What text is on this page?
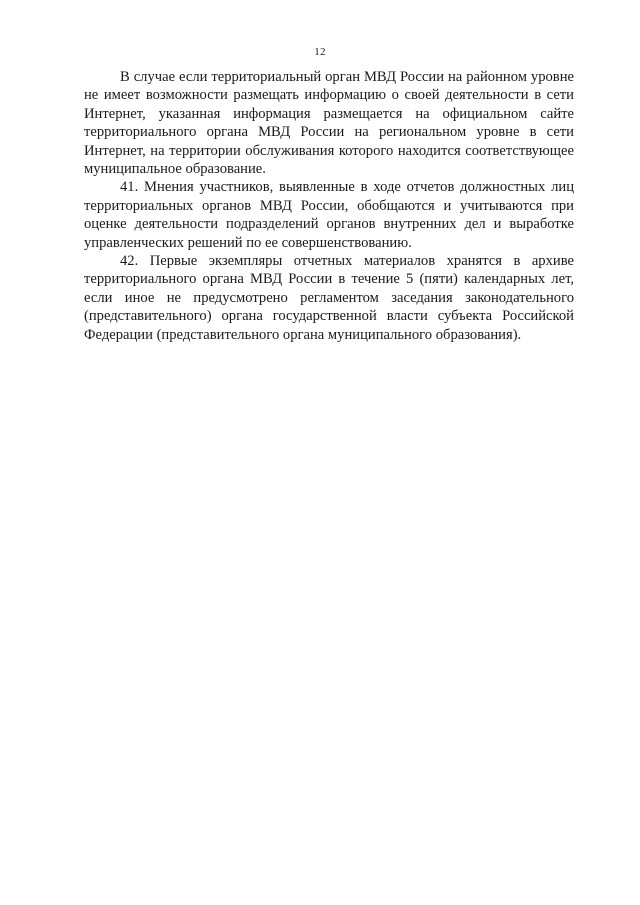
12

В случае если территориальный орган МВД России на районном уровне не имеет возможности размещать информацию о своей деятельности в сети Интернет, указанная информация размещается на официальном сайте территориального органа МВД России на региональном уровне в сети Интернет, на территории обслуживания которого находится соответствующее муниципальное образование.

41. Мнения участников, выявленные в ходе отчетов должностных лиц территориальных органов МВД России, обобщаются и учитываются при оценке деятельности подразделений органов внутренних дел и выработке управленческих решений по ее совершенствованию.

42. Первые экземпляры отчетных материалов хранятся в архиве территориального органа МВД России в течение 5 (пяти) календарных лет, если иное не предусмотрено регламентом заседания законодательного (представительного) органа государственной власти субъекта Российской Федерации (представительного органа муниципального образования).
